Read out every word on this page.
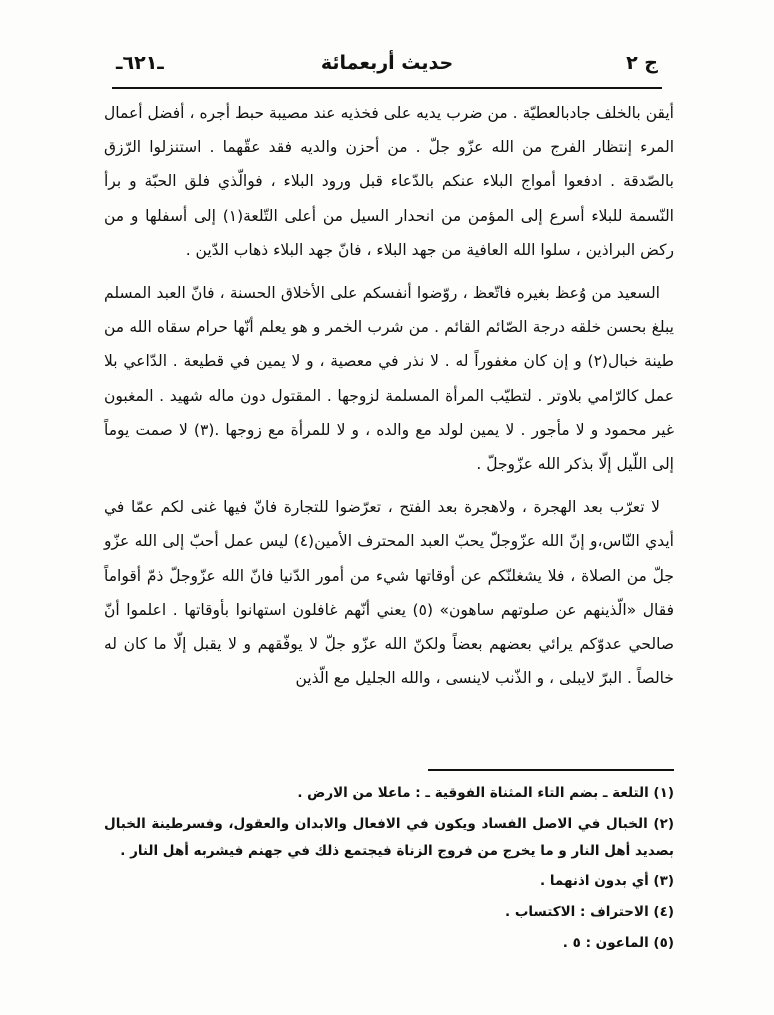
ج ٢
حديث أربعمائة
ـ٦٢١ـ

أيقن بالخلف جادبالعطيّة . من ضرب يديه على فخذيه عند مصيبة حبط أجره ، أفضل أعمال المرء إنتظار الفرج من الله عزّو جلّ . من أحزن والديه فقد عقّهما . استنزلوا الرّزق بالصّدقة . ادفعوا أمواج البلاء عنكم بالدّعاء قبل ورود البلاء ، فوالّذي فلق الحبّة و برأ النّسمة للبلاء أسرع إلى المؤمن من انحدار السيل من أعلى التّلعة(١) إلى أسفلها و من ركض البراذين ، سلوا الله العافية من جهد البلاء ، فانّ جهد البلاء ذهاب الدّين .

السعيد من وُعظ بغيره فاتّعظ ، روّضوا أنفسكم على الأخلاق الحسنة ، فانّ العبد المسلم يبلغ بحسن خلقه درجة الصّائم القائم . من شرب الخمر و هو يعلم أنّها حرام سقاه الله من طينة خبال(٢) و إن كان مغفوراً له . لا نذر في معصية ، و لا يمين في قطيعة . الدّاعي بلا عمل كالرّامي بلاوتر . لتطيّب المرأة المسلمة لزوجها . المقتول دون ماله شهيد . المغبون غير محمود و لا مأجور . لا يمين لولد مع والده ، و لا للمرأة مع زوجها .(٣) لا صمت يوماً إلى اللّيل إلّا بذكر الله عزّوجلّ .

لا تعرّب بعد الهجرة ، ولاهجرة بعد الفتح ، تعرّضوا للتجارة فانّ فيها غنى لكم عمّا في أيدي النّاس،و إنّ الله عزّوجلّ يحبّ العبد المحترف الأمين(٤) ليس عمل أحبّ إلى الله عزّو جلّ من الصلاة ، فلا يشغلنّكم عن أوقاتها شيء من أمور الدّنيا فانّ الله عزّوجلّ ذمّ أقواماً فقال «الّذينهم عن صلوتهم ساهون» (٥) يعني أنّهم غافلون استهانوا بأوقاتها . اعلموا أنّ صالحي عدوّكم يرائي بعضهم بعضاً ولكنّ الله عزّو جلّ لا يوفّقهم و لا يقبل إلّا ما كان له خالصاً . البرّ لايبلى ، و الذّنب لاينسى ، والله الجليل مع الّذين

(١) التلعة ـ بضم التاء المثناة الفوقية ـ : ماعلا من الارض .
(٢) الخبال في الاصل الفساد ويكون في الافعال والابدان والعقول، وفسرطينة الخبال بصديد أهل النار و ما يخرج من فروج الزناة فيجتمع ذلك في جهنم فيشربه أهل النار .
(٣) أي بدون اذنهما .
(٤) الاحتراف : الاكتساب .
(٥) الماعون : ٥ .
